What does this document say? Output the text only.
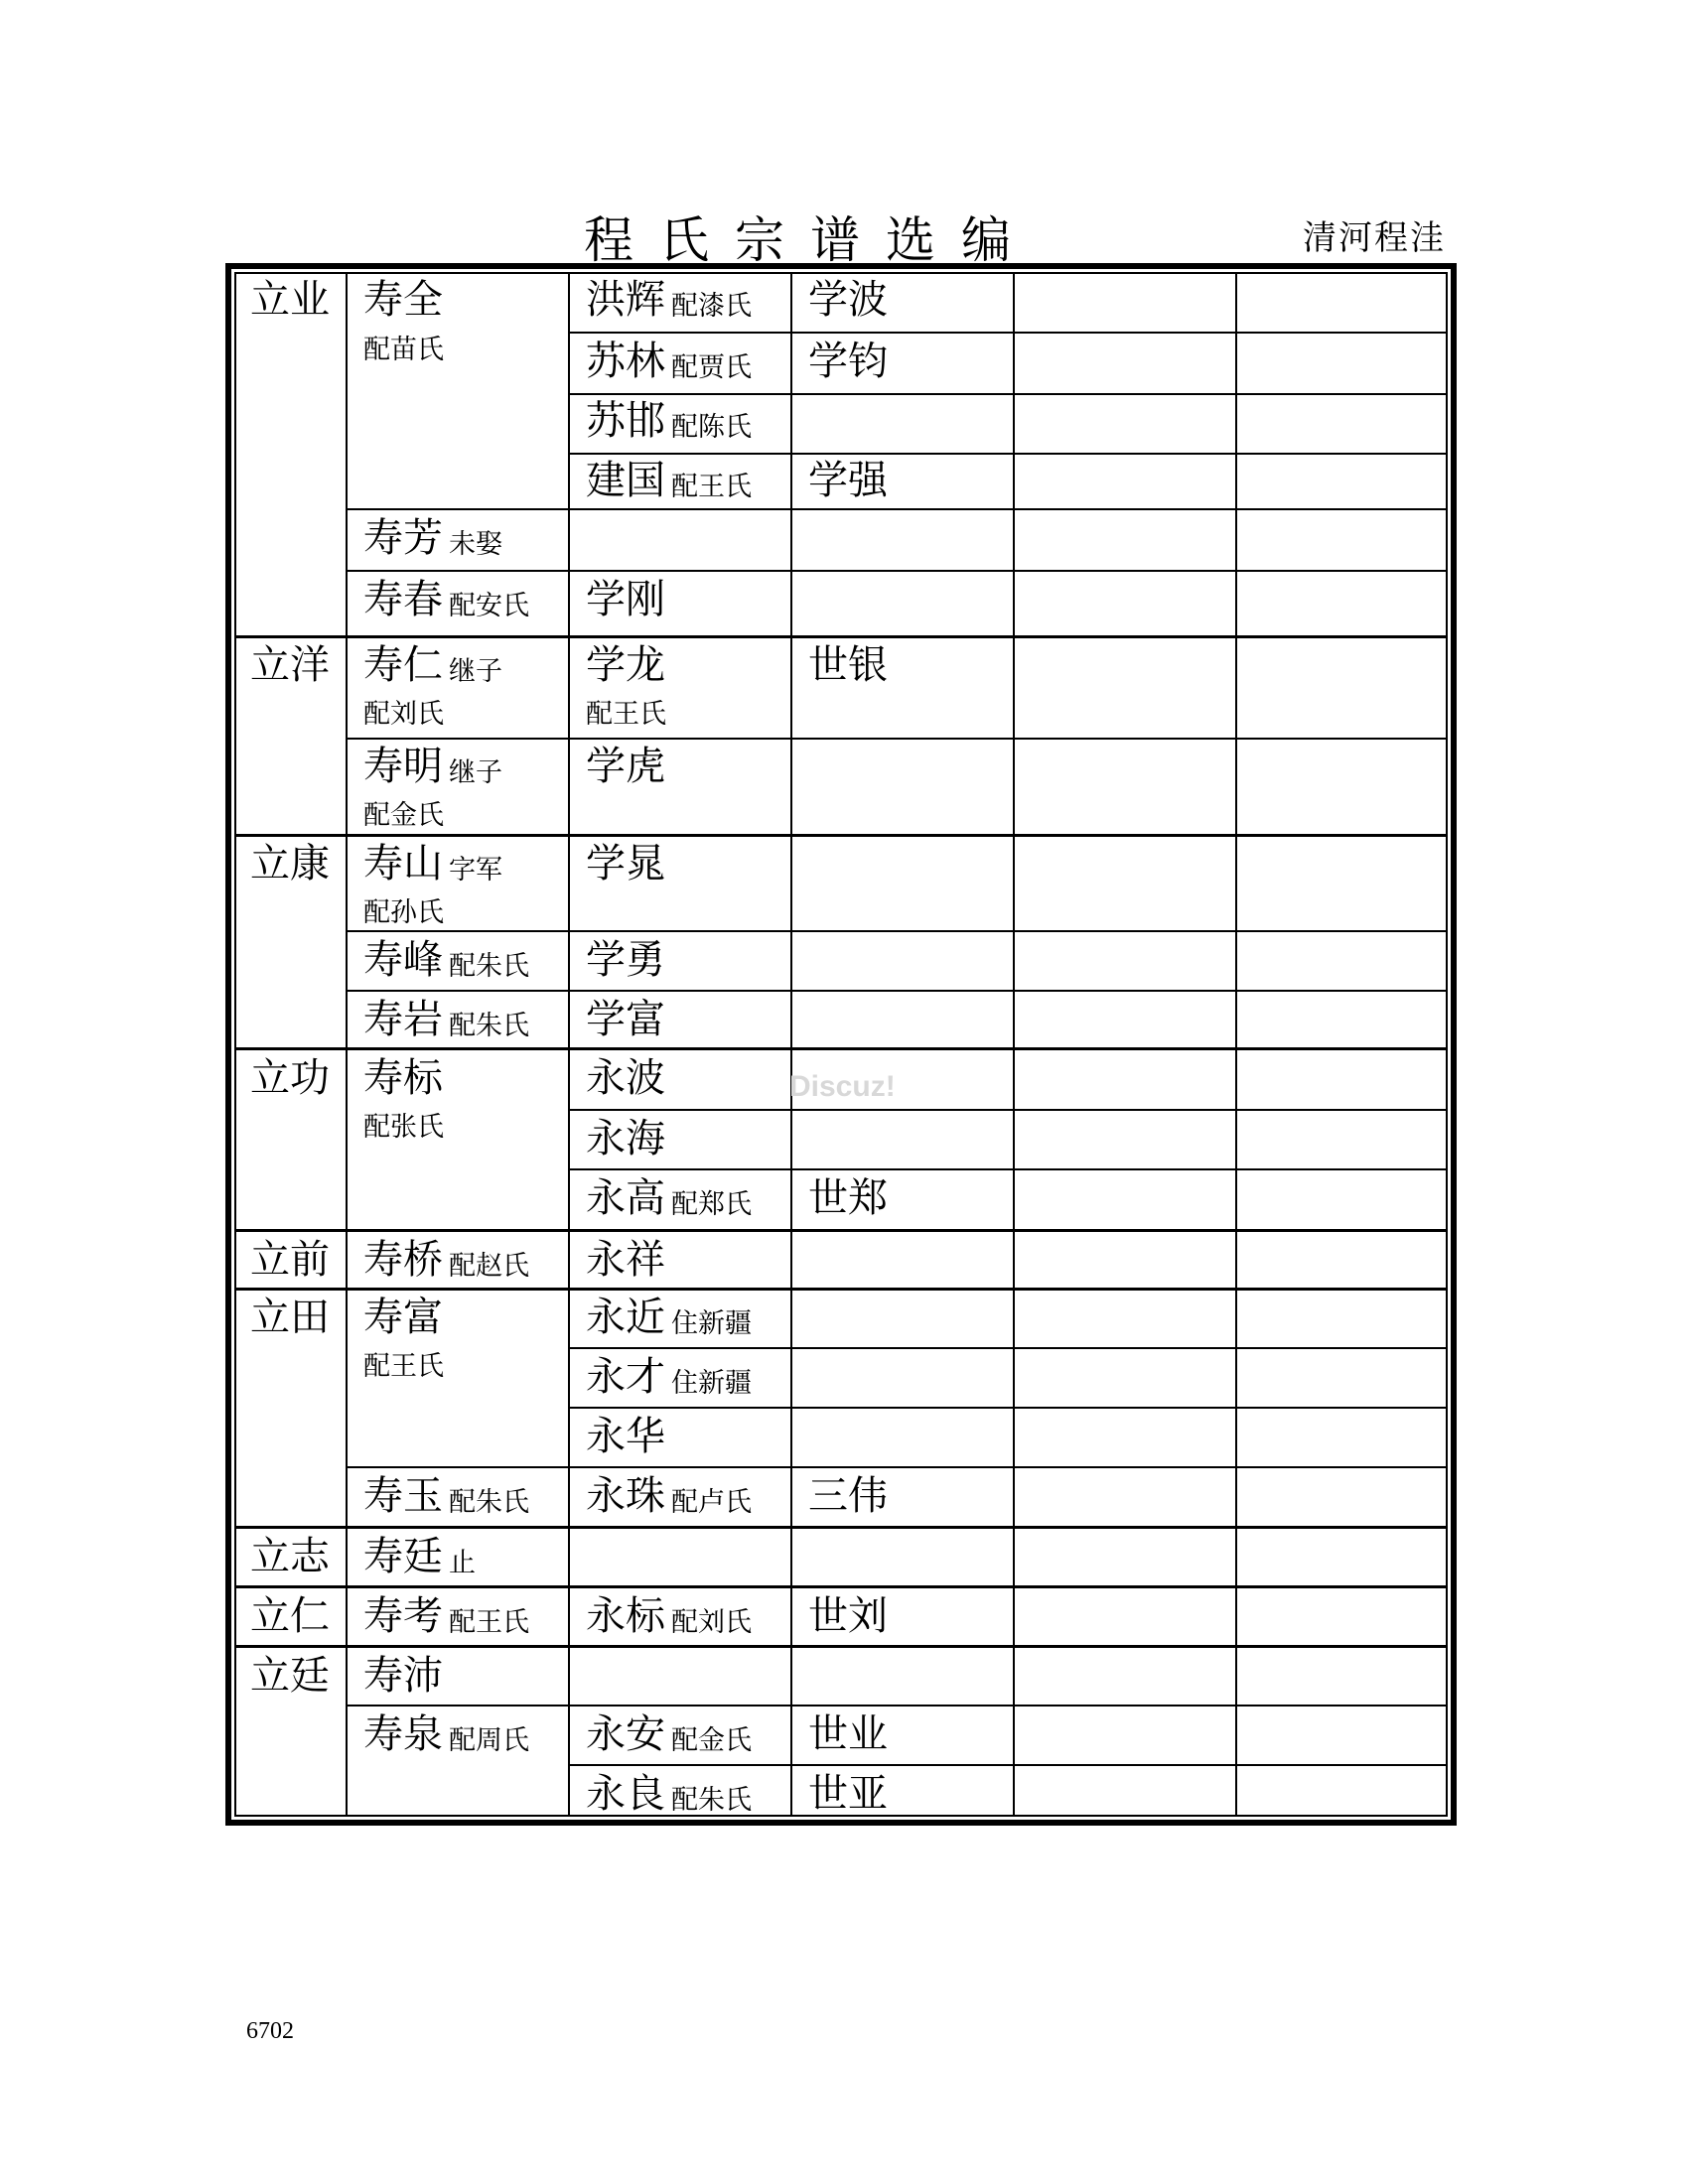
程氏宗谱选编	清河程洼
立业 寿全
配苗氏
洪辉 配漆氏 学波
苏林 配贾氏 学钧
苏邯 配陈氏
建国 配王氏 学强
寿芳 未娶
寿春 配安氏 学刚
立洋 寿仁 继子
配刘氏
学龙
配王氏
世银
寿明 继子
配金氏
学虎
立康 寿山 字军
配孙氏
学晁
寿峰 配朱氏 学勇
寿岩 配朱氏 学富
立功 寿标
配张氏
永波
永海
永高 配郑氏 世郑
立前 寿桥 配赵氏 永祥
立田 寿富
配王氏
永近 住新疆
永才 住新疆
永华
寿玉 配朱氏 永珠 配卢氏 三伟
立志 寿廷 止
立仁 寿考 配王氏 永标 配刘氏 世刘
立廷 寿沛
寿泉 配周氏 永安 配金氏 世业
永良 配朱氏 世亚
Discuz!
6702
